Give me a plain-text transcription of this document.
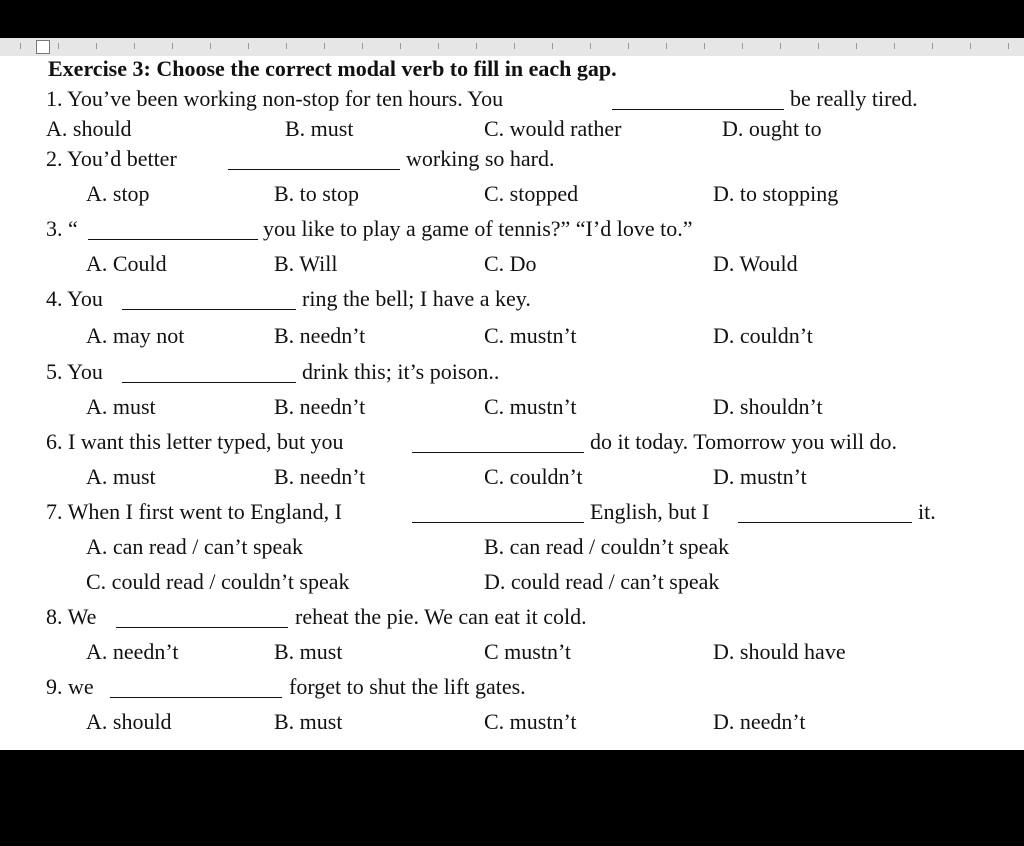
Exercise 3: Choose the correct modal verb to fill in each gap.
1. You’ve been working non-stop for ten hours. You	be really tired.
A. should	B. must	C. would rather	D. ought to
2. You’d better	working so hard.
A. stop	B. to stop	C. stopped	D. to stopping
3. “	you like to play a game of tennis?” “I’d love to.”
A. Could	B. Will	C. Do	D. Would
4. You	ring the bell; I have a key.
A. may not	B. needn’t	C. mustn’t	D. couldn’t
5. You	drink this; it’s poison..
A. must	B. needn’t	C. mustn’t	D. shouldn’t
6. I want this letter typed, but you	do it today. Tomorrow you will do.
A. must	B. needn’t	C. couldn’t	D. mustn’t
7. When I first went to England, I	English, but I	it.
A. can read / can’t speak	B. can read / couldn’t speak
C. could read / couldn’t speak	D. could read / can’t speak
8. We	reheat the pie. We can eat it cold.
A. needn’t	B. must	C mustn’t	D. should have
9. we	forget to shut the lift gates.
A. should	B. must	C. mustn’t	D. needn’t
